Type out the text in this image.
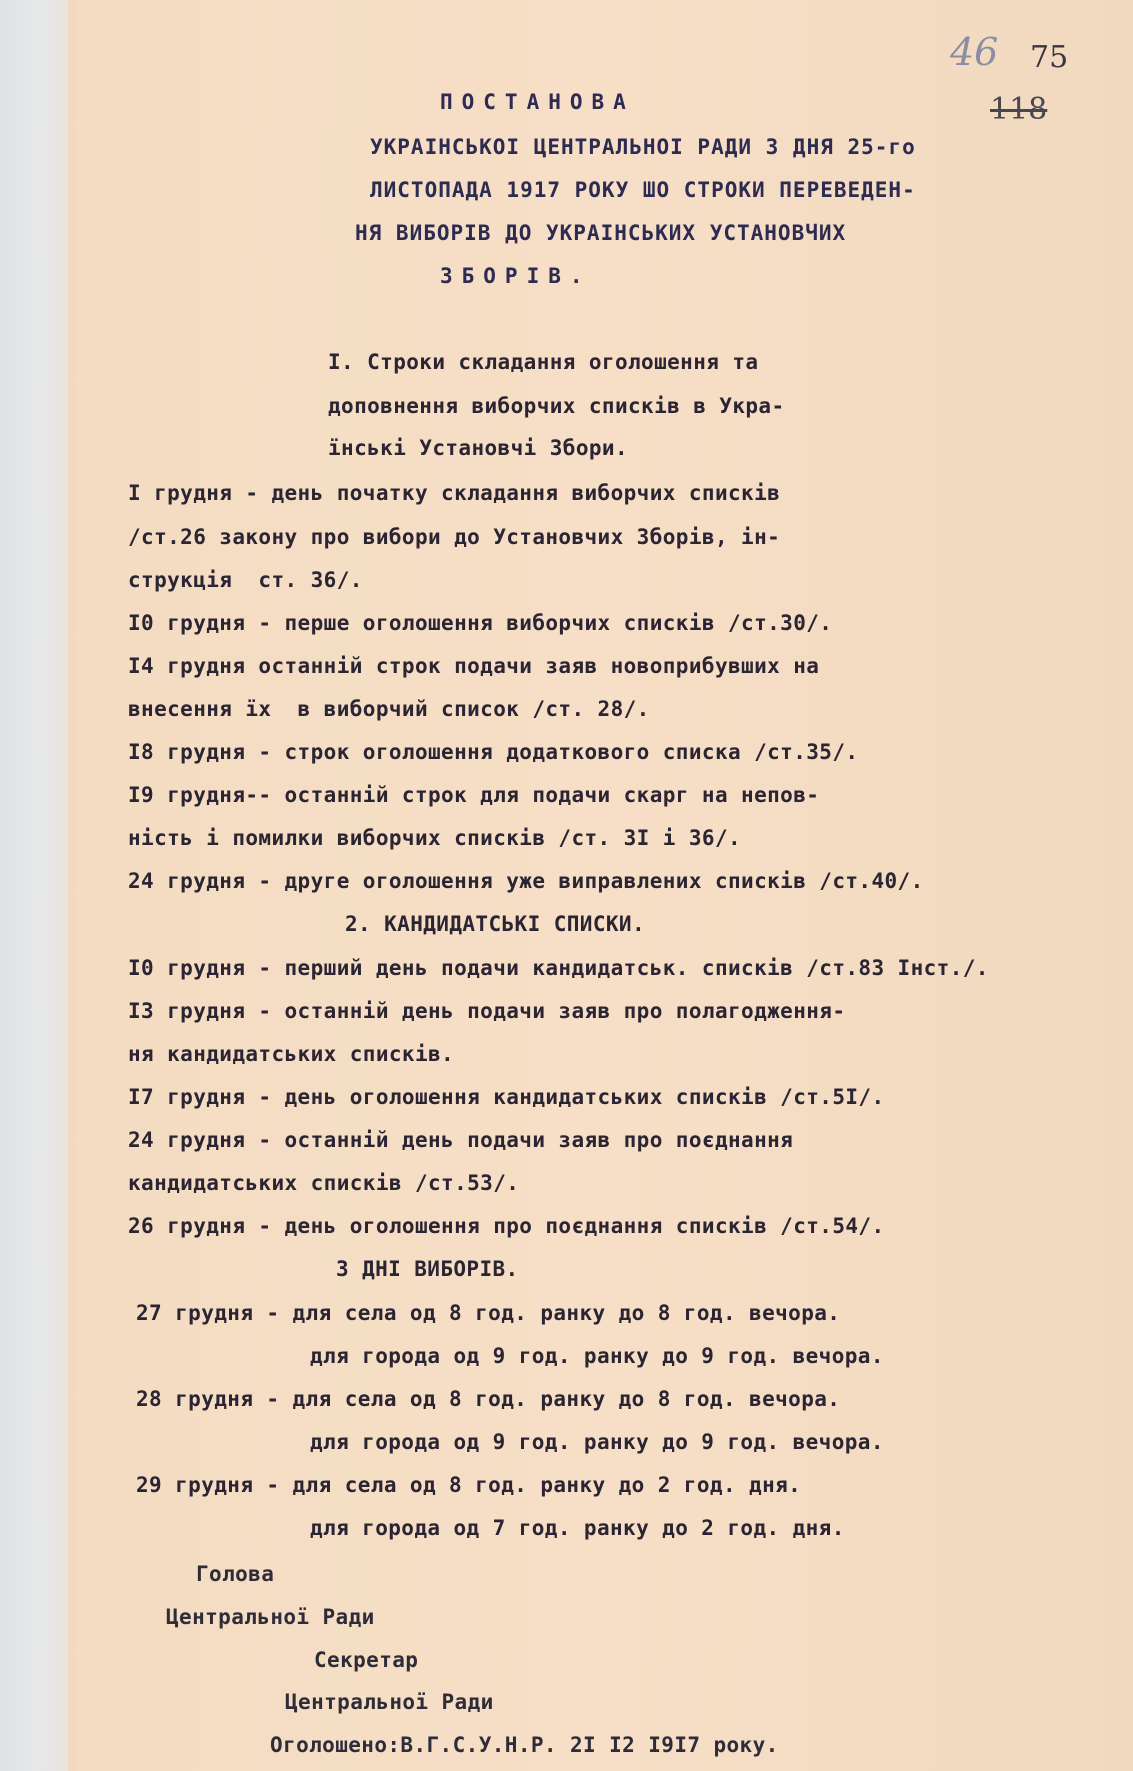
46 75
118
ПОСТАНОВА
УКРАІНСЬКОІ ЦЕНТРАЛЬНОІ РАДИ З ДНЯ 25-го
ЛИСТОПАДА 1917 РОКУ ШО СТРОКИ ПЕРЕВЕДЕН-
НЯ ВИБОРІВ ДО УКРАІНСЬКИХ УСТАНОВЧИХ
ЗБОРІВ.
I. Строки складання оголошення та
доповнення виборчих списків в Укра-
їнські Установчі Збори.
I грудня - день початку складання виборчих списків
/ст.26 закону про вибори до Установчих Зборів, ін-
струкція  ст. 36/.
I0 грудня - перше оголошення виборчих списків /ст.30/.
I4 грудня останній строк подачи заяв новоприбувших на
внесення їх  в виборчий список /ст. 28/.
I8 грудня - строк оголошення додаткового списка /ст.35/.
I9 грудня-- останній строк для подачи скарг на непов-
ність і помилки виборчих списків /ст. 3I і 36/.
24 грудня - друге оголошення уже виправлених списків /ст.40/.
2. КАНДИДАТСЬКІ СПИСКИ.
I0 грудня - перший день подачи кандидатськ. списків /ст.83 Інст./.
I3 грудня - останній день подачи заяв про полагодження-
ня кандидатських списків.
I7 грудня - день оголошення кандидатських списків /ст.5I/.
24 грудня - останній день подачи заяв про поєднання
кандидатських списків /ст.53/.
26 грудня - день оголошення про поєднання списків /ст.54/.
3 ДНІ ВИБОРІВ.
27 грудня - для села од 8 год. ранку до 8 год. вечора.
для города од 9 год. ранку до 9 год. вечора.
28 грудня - для села од 8 год. ранку до 8 год. вечора.
для города од 9 год. ранку до 9 год. вечора.
29 грудня - для села од 8 год. ранку до 2 год. дня.
для города од 7 год. ранку до 2 год. дня.
Голова
Центральної Ради
Секретар
Центральної Ради
Оголошено:В.Г.С.У.Н.Р. 2I I2 I9I7 року.
